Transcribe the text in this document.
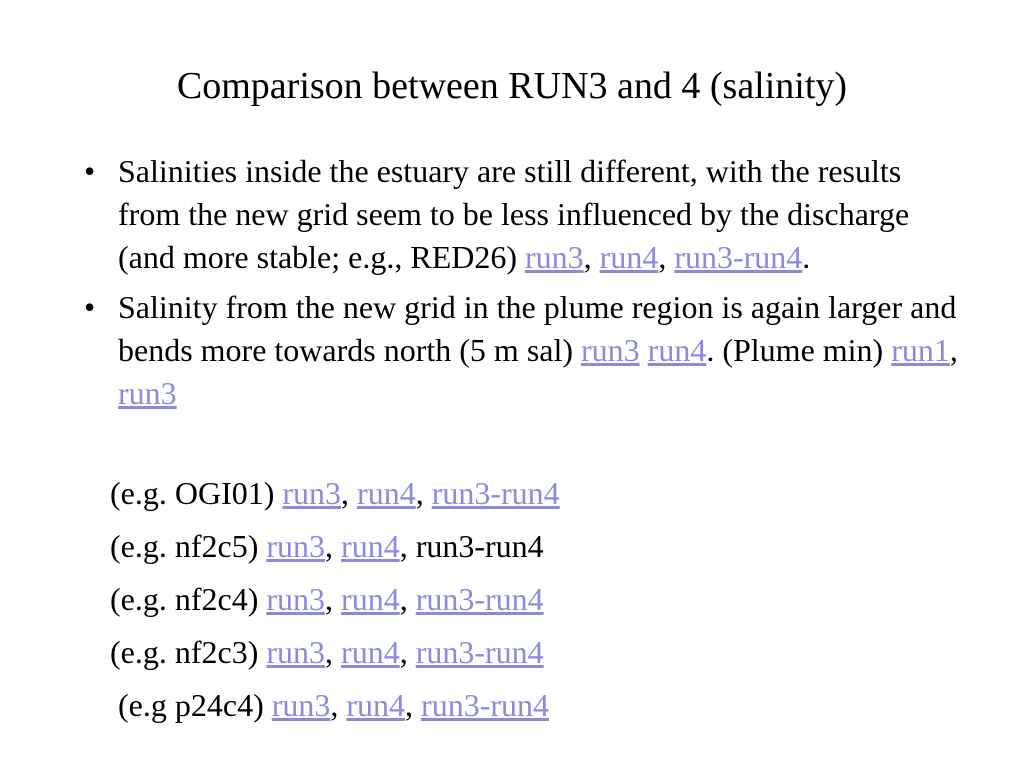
Comparison between RUN3 and 4 (salinity)
• Salinities inside the estuary are still different, with the results from the new grid seem to be less influenced by the discharge (and more stable; e.g., RED26) run3, run4, run3-run4.
• Salinity from the new grid in the plume region is again larger and bends more towards north (5 m sal) run3 run4. (Plume min) run1, run3
(e.g. OGI01) run3, run4, run3-run4
(e.g. nf2c5) run3, run4, run3-run4
(e.g. nf2c4) run3, run4, run3-run4
(e.g. nf2c3) run3, run4, run3-run4
(e.g p24c4) run3, run4, run3-run4
